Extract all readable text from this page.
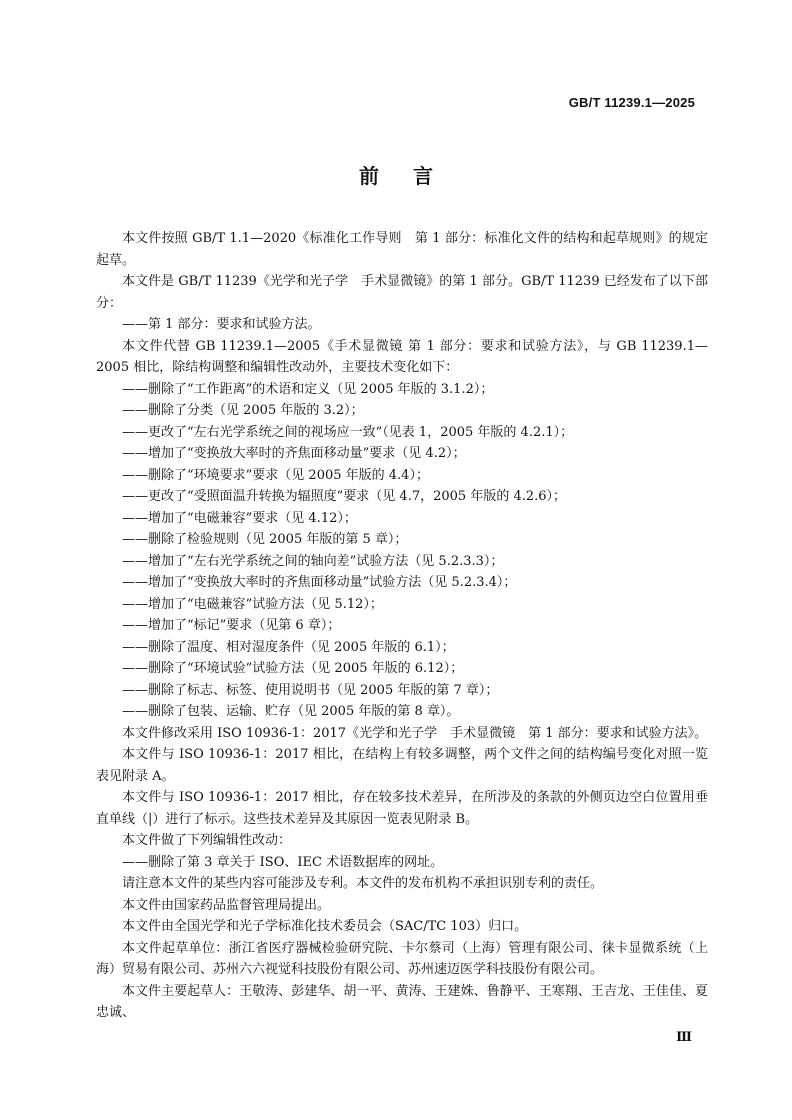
GB/T 11239.1—2025
前言

本文件按照 GB/T 1.1—2020《标准化工作导则　第 1 部分：标准化文件的结构和起草规则》的规定起草。

本文件是 GB/T 11239《光学和光子学　手术显微镜》的第 1 部分。GB/T 11239 已经发布了以下部分：

——第 1 部分：要求和试验方法。

本文件代替 GB 11239.1—2005《手术显微镜 第 1 部分：要求和试验方法》，与 GB 11239.1—2005 相比，除结构调整和编辑性改动外，主要技术变化如下：

——删除了“工作距离”的术语和定义（见 2005 年版的 3.1.2）；

——删除了分类（见 2005 年版的 3.2）；

——更改了“左右光学系统之间的视场应一致”（见表 1，2005 年版的 4.2.1）；

——增加了“变换放大率时的齐焦面移动量”要求（见 4.2）；

——删除了“环境要求”要求（见 2005 年版的 4.4）；

——更改了“受照面温升转换为辐照度”要求（见 4.7，2005 年版的 4.2.6）；

——增加了“电磁兼容”要求（见 4.12）；

——删除了检验规则（见 2005 年版的第 5 章）；

——增加了“左右光学系统之间的轴向差”试验方法（见 5.2.3.3）；

——增加了“变换放大率时的齐焦面移动量”试验方法（见 5.2.3.4）；

——增加了“电磁兼容”试验方法（见 5.12）；

——增加了“标记”要求（见第 6 章）；

——删除了温度、相对湿度条件（见 2005 年版的 6.1）；

——删除了“环境试验”试验方法（见 2005 年版的 6.12）；

——删除了标志、标签、使用说明书（见 2005 年版的第 7 章）；

——删除了包装、运输、贮存（见 2005 年版的第 8 章）。

本文件修改采用 ISO 10936-1：2017《光学和光子学　手术显微镜　第 1 部分：要求和试验方法》。

本文件与 ISO 10936-1：2017 相比，在结构上有较多调整，两个文件之间的结构编号变化对照一览表见附录 A。

本文件与 ISO 10936-1：2017 相比，存在较多技术差异，在所涉及的条款的外侧页边空白位置用垂直单线（|）进行了标示。这些技术差异及其原因一览表见附录 B。

本文件做了下列编辑性改动：

——删除了第 3 章关于 ISO、IEC 术语数据库的网址。

请注意本文件的某些内容可能涉及专利。本文件的发布机构不承担识别专利的责任。

本文件由国家药品监督管理局提出。

本文件由全国光学和光子学标准化技术委员会（SAC/TC 103）归口。

本文件起草单位：浙江省医疗器械检验研究院、卡尔蔡司（上海）管理有限公司、徕卡显微系统（上海）贸易有限公司、苏州六六视觉科技股份有限公司、苏州速迈医学科技股份有限公司。

本文件主要起草人：王敬涛、彭建华、胡一平、黄涛、王建姝、鲁静平、王寒翔、王吉龙、王佳佳、夏忠诚、

Ⅲ
